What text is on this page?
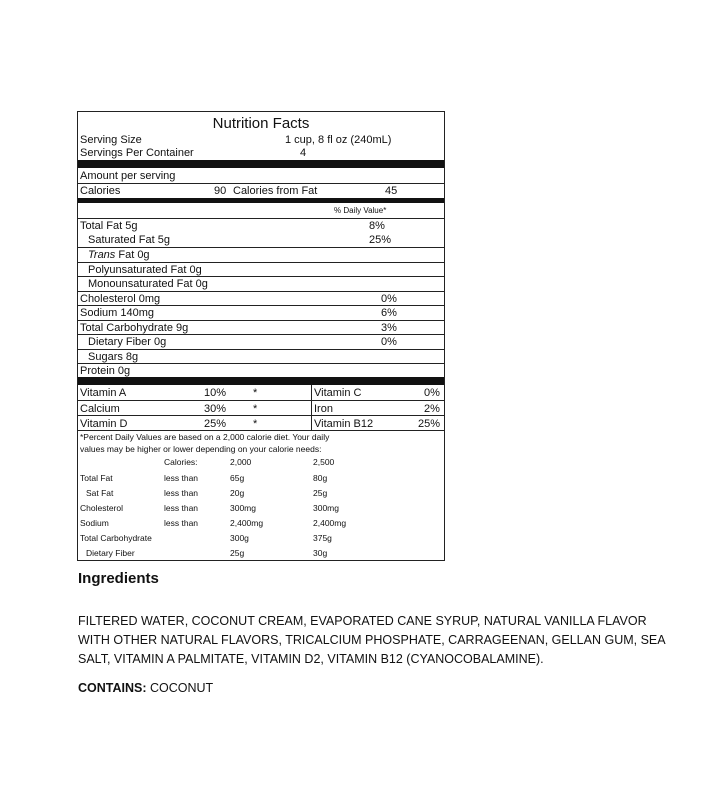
Nutrition Facts
Serving Size	1 cup, 8 fl oz (240mL)
Servings Per Container	4
Amount per serving
Calories	90 Calories from Fat	45
% Daily Value*
Total Fat 5g	8%
Saturated Fat 5g	25%
Trans Fat 0g
Polyunsaturated Fat 0g
Monounsaturated Fat 0g
Cholesterol 0mg	0%
Sodium 140mg	6%
Total Carbohydrate 9g	3%
Dietary Fiber 0g	0%
Sugars 8g
Protein 0g
Vitamin A	10% *	Vitamin C	0%
Calcium	30% *	Iron	2%
Vitamin D	25% *	Vitamin B12	25%
*Percent Daily Values are based on a 2,000 calorie diet. Your daily
values may be higher or lower depending on your calorie needs:
Calories:	2,000	2,500
Total Fat	less than	65g	80g
Sat Fat	less than	20g	25g
Cholesterol	less than	300mg	300mg
Sodium	less than	2,400mg	2,400mg
Total Carbohydrate	300g	375g
Dietary Fiber	25g	30g
Ingredients
FILTERED WATER, COCONUT CREAM, EVAPORATED CANE SYRUP, NATURAL VANILLA FLAVOR
WITH OTHER NATURAL FLAVORS, TRICALCIUM PHOSPHATE, CARRAGEENAN, GELLAN GUM, SEA
SALT, VITAMIN A PALMITATE, VITAMIN D2, VITAMIN B12 (CYANOCOBALAMINE).
CONTAINS: COCONUT
